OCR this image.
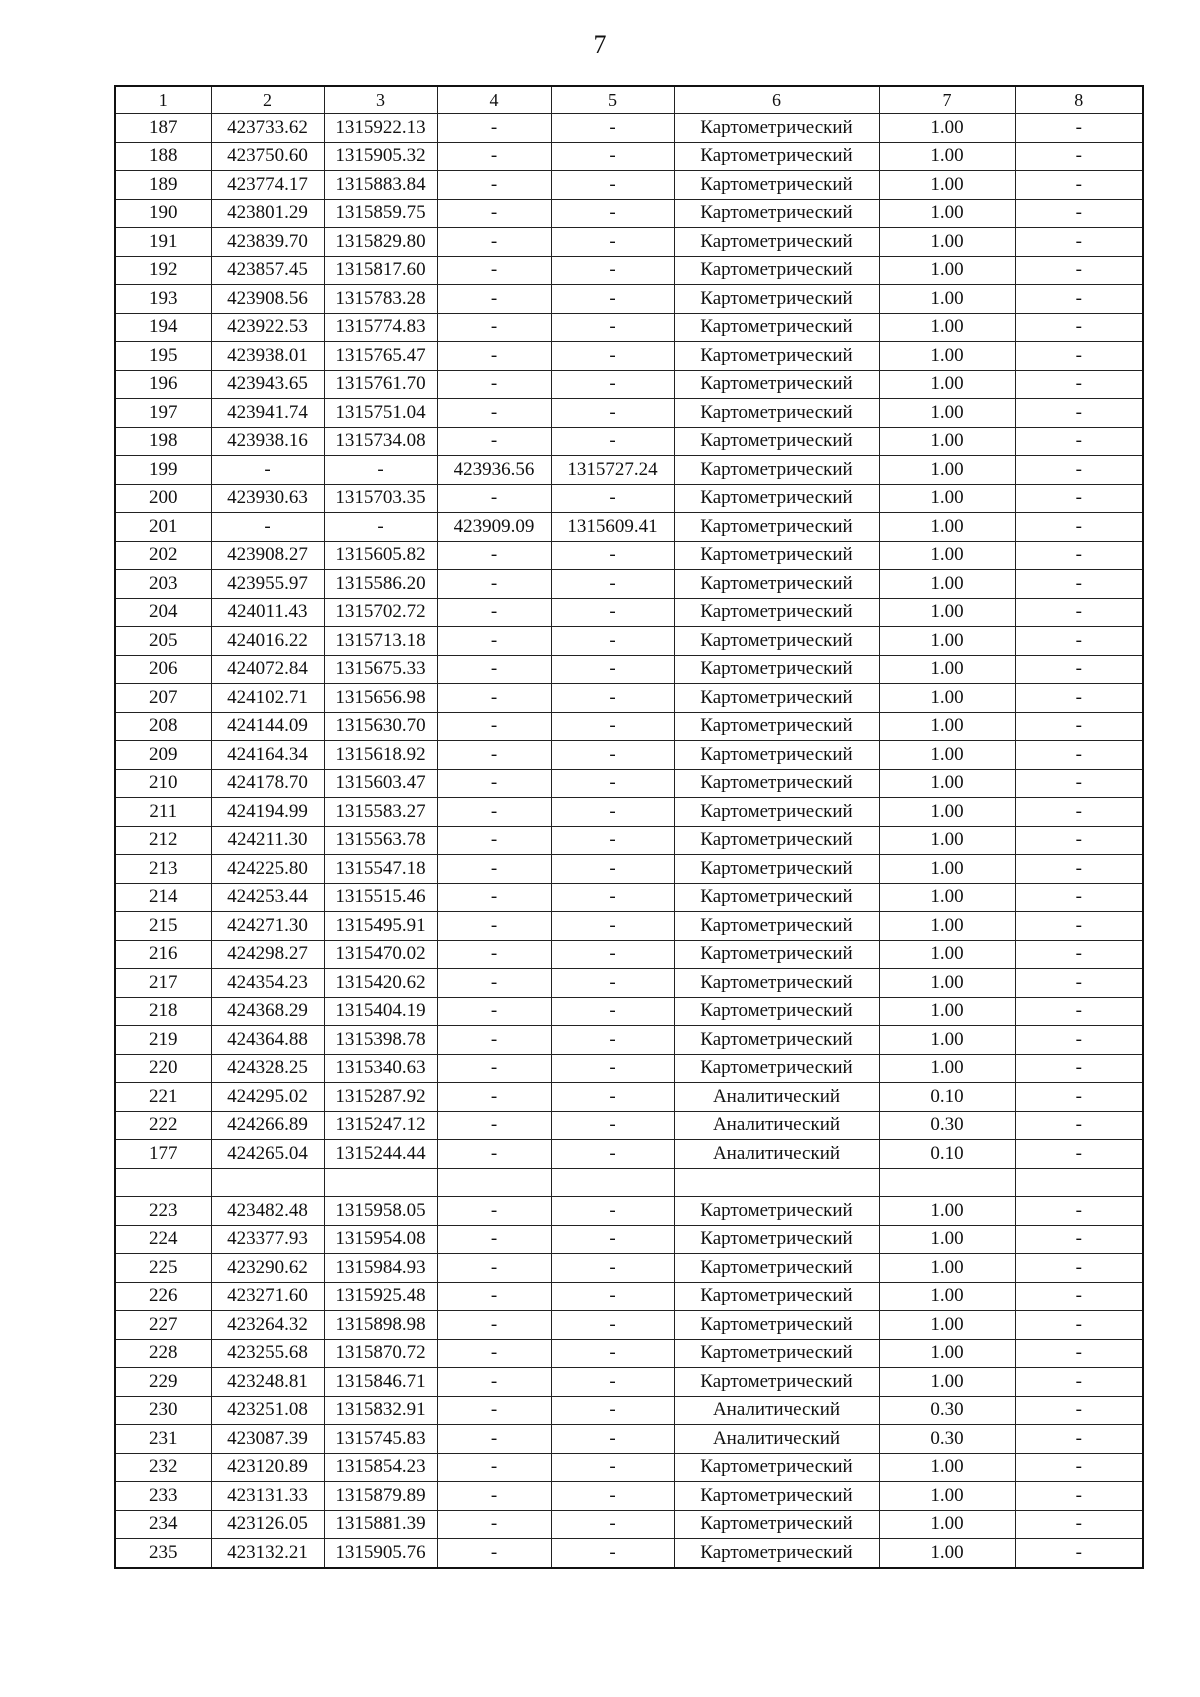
7
1	2	3	4	5	6	7	8
187	423733.62	1315922.13	-	-	Картометрический	1.00	-
188	423750.60	1315905.32	-	-	Картометрический	1.00	-
189	423774.17	1315883.84	-	-	Картометрический	1.00	-
190	423801.29	1315859.75	-	-	Картометрический	1.00	-
191	423839.70	1315829.80	-	-	Картометрический	1.00	-
192	423857.45	1315817.60	-	-	Картометрический	1.00	-
193	423908.56	1315783.28	-	-	Картометрический	1.00	-
194	423922.53	1315774.83	-	-	Картометрический	1.00	-
195	423938.01	1315765.47	-	-	Картометрический	1.00	-
196	423943.65	1315761.70	-	-	Картометрический	1.00	-
197	423941.74	1315751.04	-	-	Картометрический	1.00	-
198	423938.16	1315734.08	-	-	Картометрический	1.00	-
199	-	-	423936.56	1315727.24	Картометрический	1.00	-
200	423930.63	1315703.35	-	-	Картометрический	1.00	-
201	-	-	423909.09	1315609.41	Картометрический	1.00	-
202	423908.27	1315605.82	-	-	Картометрический	1.00	-
203	423955.97	1315586.20	-	-	Картометрический	1.00	-
204	424011.43	1315702.72	-	-	Картометрический	1.00	-
205	424016.22	1315713.18	-	-	Картометрический	1.00	-
206	424072.84	1315675.33	-	-	Картометрический	1.00	-
207	424102.71	1315656.98	-	-	Картометрический	1.00	-
208	424144.09	1315630.70	-	-	Картометрический	1.00	-
209	424164.34	1315618.92	-	-	Картометрический	1.00	-
210	424178.70	1315603.47	-	-	Картометрический	1.00	-
211	424194.99	1315583.27	-	-	Картометрический	1.00	-
212	424211.30	1315563.78	-	-	Картометрический	1.00	-
213	424225.80	1315547.18	-	-	Картометрический	1.00	-
214	424253.44	1315515.46	-	-	Картометрический	1.00	-
215	424271.30	1315495.91	-	-	Картометрический	1.00	-
216	424298.27	1315470.02	-	-	Картометрический	1.00	-
217	424354.23	1315420.62	-	-	Картометрический	1.00	-
218	424368.29	1315404.19	-	-	Картометрический	1.00	-
219	424364.88	1315398.78	-	-	Картометрический	1.00	-
220	424328.25	1315340.63	-	-	Картометрический	1.00	-
221	424295.02	1315287.92	-	-	Аналитический	0.10	-
222	424266.89	1315247.12	-	-	Аналитический	0.30	-
177	424265.04	1315244.44	-	-	Аналитический	0.10	-

223	423482.48	1315958.05	-	-	Картометрический	1.00	-
224	423377.93	1315954.08	-	-	Картометрический	1.00	-
225	423290.62	1315984.93	-	-	Картометрический	1.00	-
226	423271.60	1315925.48	-	-	Картометрический	1.00	-
227	423264.32	1315898.98	-	-	Картометрический	1.00	-
228	423255.68	1315870.72	-	-	Картометрический	1.00	-
229	423248.81	1315846.71	-	-	Картометрический	1.00	-
230	423251.08	1315832.91	-	-	Аналитический	0.30	-
231	423087.39	1315745.83	-	-	Аналитический	0.30	-
232	423120.89	1315854.23	-	-	Картометрический	1.00	-
233	423131.33	1315879.89	-	-	Картометрический	1.00	-
234	423126.05	1315881.39	-	-	Картометрический	1.00	-
235	423132.21	1315905.76	-	-	Картометрический	1.00	-
